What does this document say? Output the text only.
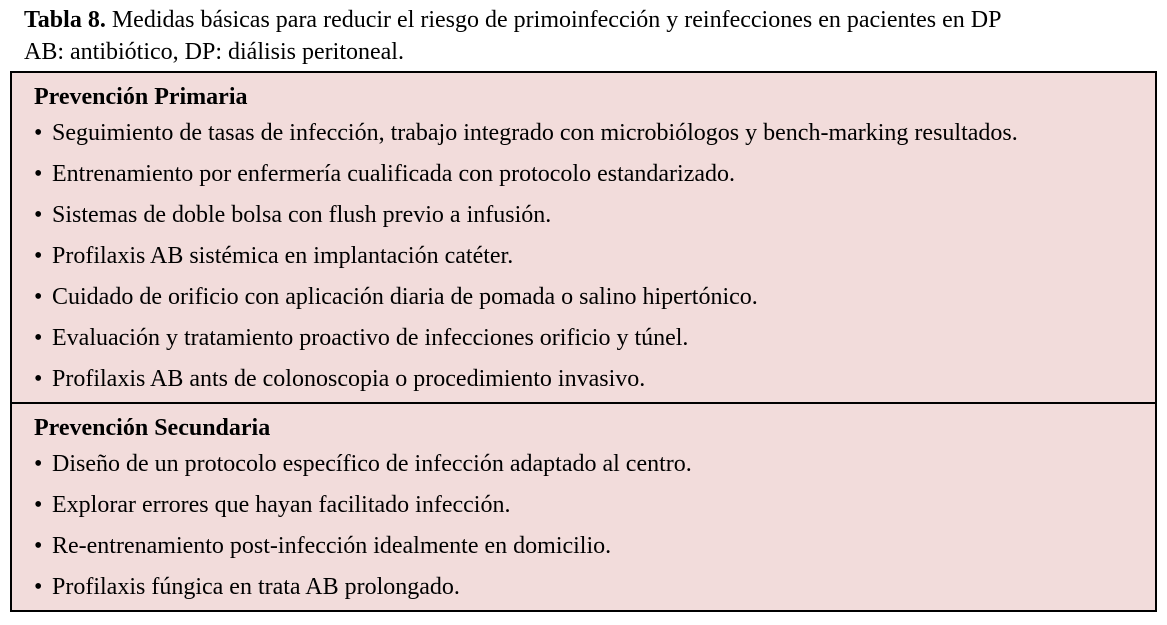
Tabla 8. Medidas básicas para reducir el riesgo de primoinfección y reinfecciones en pacientes en DP
AB: antibiótico, DP: diálisis peritoneal.
Prevención Primaria
• Seguimiento de tasas de infección, trabajo integrado con microbiólogos y bench-marking resultados.
• Entrenamiento por enfermería cualificada con protocolo estandarizado.
• Sistemas de doble bolsa con flush previo a infusión.
• Profilaxis AB sistémica en implantación catéter.
• Cuidado de orificio con aplicación diaria de pomada o salino hipertónico.
• Evaluación y tratamiento proactivo de infecciones orificio y túnel.
• Profilaxis AB ants de colonoscopia o procedimiento invasivo.
Prevención Secundaria
• Diseño de un protocolo específico de infección adaptado al centro.
• Explorar errores que hayan facilitado infección.
• Re-entrenamiento post-infección idealmente en domicilio.
• Profilaxis fúngica en trata AB prolongado.
